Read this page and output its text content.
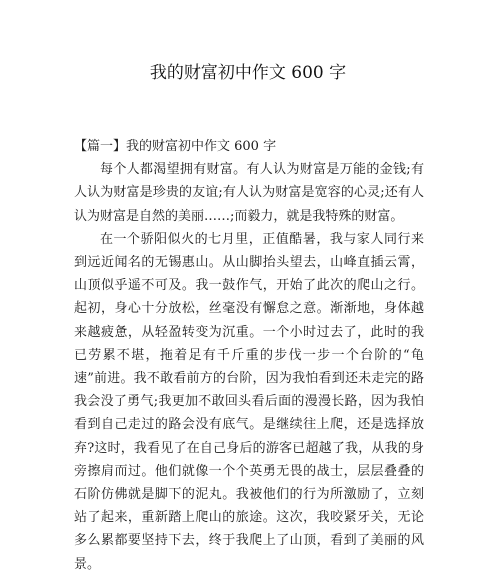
我的财富初中作文 600 字

【篇一】我的财富初中作文 600 字

每个人都渴望拥有财富。有人认为财富是万能的金钱;有人认为财富是珍贵的友谊;有人认为财富是宽容的心灵;还有人认为财富是自然的美丽……;而毅力，就是我特殊的财富。

在一个骄阳似火的七月里，正值酷暑，我与家人同行来到远近闻名的无锡惠山。从山脚抬头望去，山峰直插云霄，山顶似乎遥不可及。我一鼓作气，开始了此次的爬山之行。起初，身心十分放松，丝毫没有懈怠之意。渐渐地，身体越来越疲惫，从轻盈转变为沉重。一个小时过去了，此时的我已劳累不堪，拖着足有千斤重的步伐一步一个台阶的“龟速”前进。我不敢看前方的台阶，因为我怕看到还未走完的路我会没了勇气;我更加不敢回头看后面的漫漫长路，因为我怕看到自己走过的路会没有底气。是继续往上爬，还是选择放弃?这时，我看见了在自己身后的游客已超越了我，从我的身旁擦肩而过。他们就像一个个英勇无畏的战士，层层叠叠的石阶仿佛就是脚下的泥丸。我被他们的行为所激励了，立刻站了起来，重新踏上爬山的旅途。这次，我咬紧牙关，无论多么累都要坚持下去，终于我爬上了山顶，看到了美丽的风景。
